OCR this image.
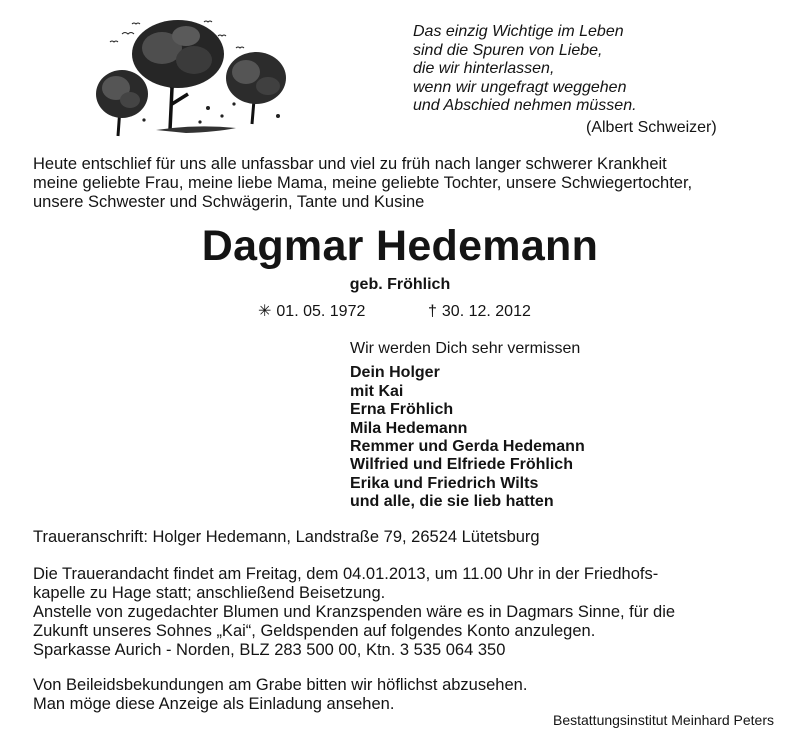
Das einzig Wichtige im Leben
sind die Spuren von Liebe,
die wir hinterlassen,
wenn wir ungefragt weggehen
und Abschied nehmen müssen.
(Albert Schweizer)
Heute entschlief für uns alle unfassbar und viel zu früh nach langer schwerer Krankheit
meine geliebte Frau, meine liebe Mama, meine geliebte Tochter, unsere Schwiegertochter,
unsere Schwester und Schwägerin, Tante und Kusine
Dagmar Hedemann
geb. Fröhlich
✳ 01. 05. 1972	† 30. 12. 2012
Wir werden Dich sehr vermissen
Dein Holger
mit Kai
Erna Fröhlich
Mila Hedemann
Remmer und Gerda Hedemann
Wilfried und Elfriede Fröhlich
Erika und Friedrich Wilts
und alle, die sie lieb hatten
Traueranschrift: Holger Hedemann, Landstraße 79, 26524 Lütetsburg
Die Trauerandacht findet am Freitag, dem 04.01.2013, um 11.00 Uhr in der Friedhofs-
kapelle zu Hage statt; anschließend Beisetzung.
Anstelle von zugedachter Blumen und Kranzspenden wäre es in Dagmars Sinne, für die
Zukunft unseres Sohnes „Kai“, Geldspenden auf folgendes Konto anzulegen.
Sparkasse Aurich - Norden, BLZ 283 500 00, Ktn. 3 535 064 350
Von Beileidsbekundungen am Grabe bitten wir höflichst abzusehen.
Man möge diese Anzeige als Einladung ansehen.
Bestattungsinstitut Meinhard Peters
